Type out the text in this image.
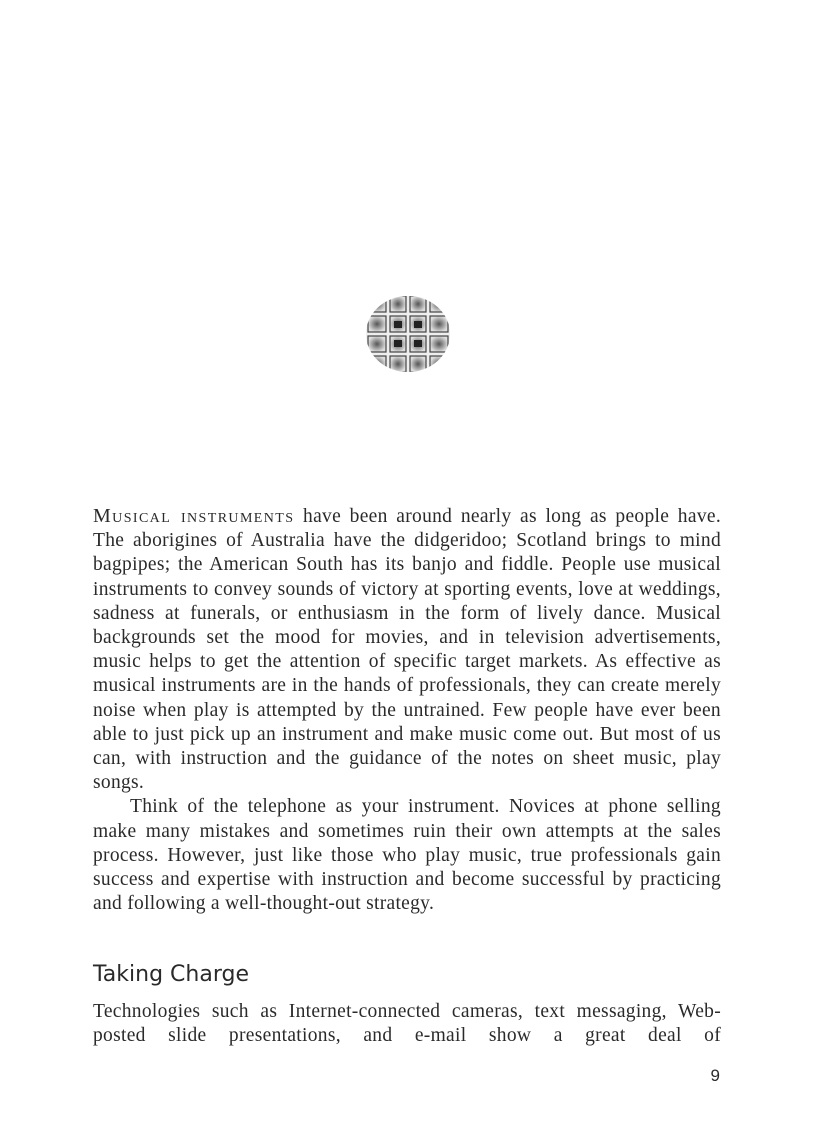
Musical instruments have been around nearly as long as people have. The aborigines of Australia have the didgeridoo; Scotland brings to mind bagpipes; the American South has its banjo and fiddle. People use musical instruments to convey sounds of victory at sporting events, love at weddings, sadness at funerals, or enthusiasm in the form of lively dance. Musical backgrounds set the mood for movies, and in television advertisements, music helps to get the attention of specific target markets. As effective as musical instruments are in the hands of professionals, they can create merely noise when play is attempted by the untrained. Few people have ever been able to just pick up an instrument and make music come out. But most of us can, with instruction and the guidance of the notes on sheet music, play songs.

Think of the telephone as your instrument. Novices at phone selling make many mistakes and sometimes ruin their own attempts at the sales process. However, just like those who play music, true professionals gain success and expertise with instruction and become successful by practicing and following a well-thought-out strategy.

Taking Charge

Technologies such as Internet-connected cameras, text messaging, Web-posted slide presentations, and e-mail show a great deal of

9
